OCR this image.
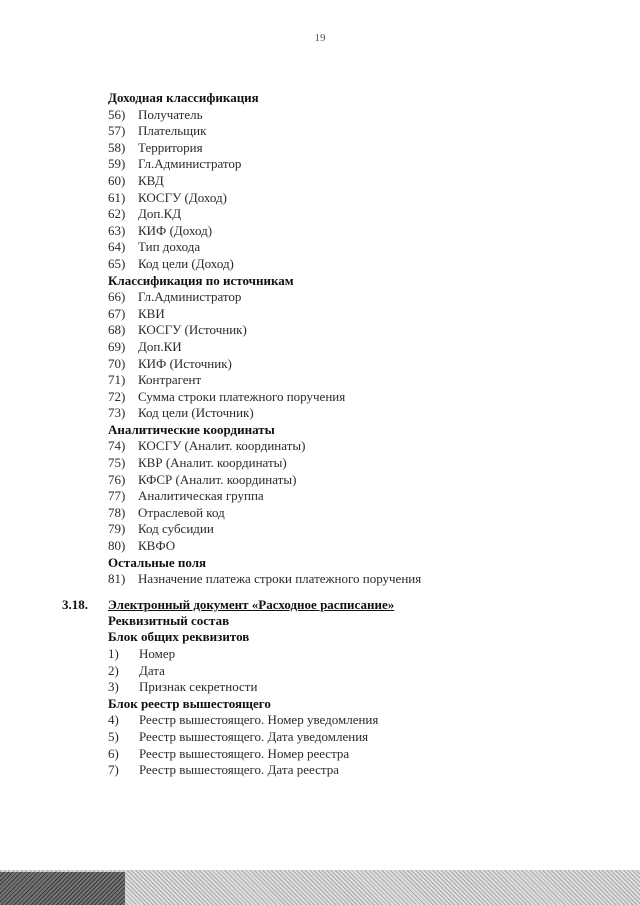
19
Доходная классификация
56) Получатель
57) Плательщик
58) Территория
59) Гл.Администратор
60) КВД
61) КОСГУ (Доход)
62) Доп.КД
63) КИФ (Доход)
64) Тип дохода
65) Код цели (Доход)
Классификация по источникам
66) Гл.Администратор
67) КВИ
68) КОСГУ (Источник)
69) Доп.КИ
70) КИФ (Источник)
71) Контрагент
72) Сумма строки платежного поручения
73) Код цели (Источник)
Аналитические координаты
74) КОСГУ (Аналит. координаты)
75) КВР (Аналит. координаты)
76) КФСР (Аналит. координаты)
77) Аналитическая группа
78) Отраслевой код
79) Код субсидии
80) КВФО
Остальные поля
81) Назначение платежа строки платежного поручения
3.18. Электронный документ «Расходное расписание»
Реквизитный состав
Блок общих реквизитов
1) Номер
2) Дата
3) Признак секретности
Блок реестр вышестоящего
4) Реестр вышестоящего. Номер уведомления
5) Реестр вышестоящего. Дата уведомления
6) Реестр вышестоящего. Номер реестра
7) Реестр вышестоящего. Дата реестра
